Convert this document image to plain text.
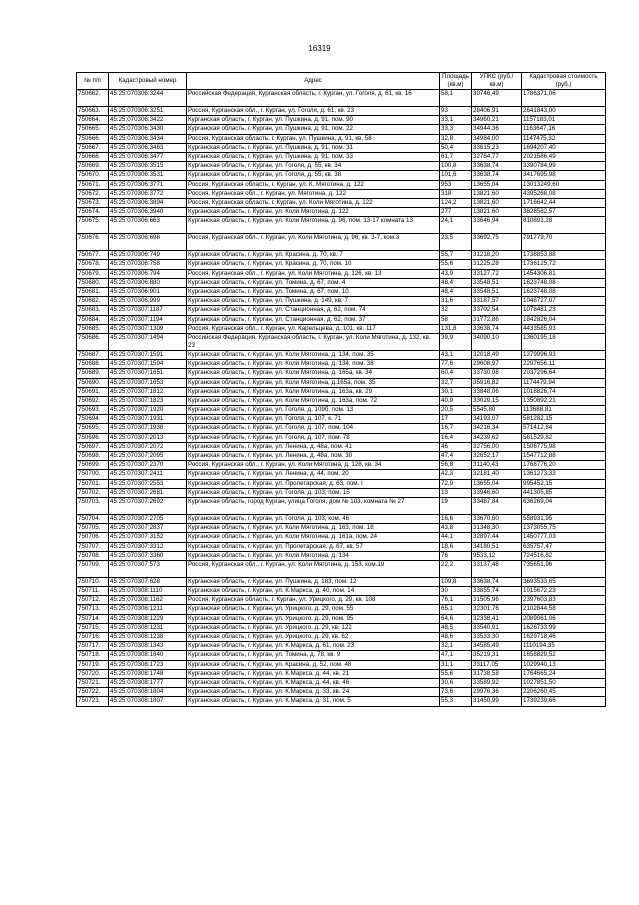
16319
№ п/п	Кадастровый номер	Адрес	Площадь (кв.м)	УПКС (руб./кв.м)	Кадастровая стоимость (руб.)
750662.	45:25:070306:3244	Российская Федерация, Курганская область, г. Курган, ул. Гоголя, д. 61, кв. 16	58,1	30746,49	1786371,06
750663.	45:25:070306:3251	Россия, Курганская обл., г. Курган, ул. Гоголя, д. 61, кв. 23	93	28406,91	2641843,00
750664.	45:25:070306:3422	Курганская область, г. Курган, ул. Пушкина, д. 91, пом. 90	33,1	34960,21	1157183,01
750665.	45:25:070306:3430	Курганская область, г. Курган, ул. Пушкина, д. 91, пом. 22	33,3	34944,36	1163647,16
750666.	45:25:070306:3434	Россия, Курганская область, г. Курган, ул. Пушкина, д. 91, кв. 58	32,8	34984,00	1147475,32
750667.	45:25:070306:3463	Курганская область, г. Курган, ул. Пушкина, д. 91, пом. 31	50,4	33615,23	1694207,40
750668.	45:25:070306:3477	Курганская область, г. Курган, ул. Пушкина, д. 91, пом. 33	61,7	32764,77	2021586,49
750669.	45:25:070306:3515	Курганская область, г. Курган, ул. Гоголя, д. 55, кв. 34	100,8	33638,74	3390784,99
750670.	45:25:070306:3531	Курганская область, г. Курган, ул. Гоголя, д. 55, кв. 38	101,6	33638,74	3417695,98
750671.	45:25:070306:3771	Россия, Курганская область, г. Курган, ул. К. Мяготина, д. 122	953	13655,04	13013249,60
750672.	45:25:070306:3772	Россия, Курганская обл., г. Курган, ул. Мяготина, д. 122	318	13821,60	4395268,08
750673.	45:25:070306:3894	Россия, Курганская область, г. Курган, ул. Коли Мяготина, д. 122	124,2	13821,60	1716642,44
750674.	45:25:070306:3940	Курганская область, г. Курган, ул. Коли Мяготина, д. 122	277	13821,60	3828582,57
750675.	45:25:070306:663	Курганская область, г. Курган, ул. Коли Мяготина, д. 96, пом. 13-17 комната 13	24,1	33646,94	810891,28
750676.	45:25:070306:698	Россия, Курганская обл., г. Курган, ул. Коли Мяготина, д. 96, кв. 3-7, ком.3	23,5	33692,75	791779,70
750677.	45:25:070306:749	Курганская область, г. Курган, ул. Красина, д. 70, кв. 7	55,7	31218,20	1738853,88
750678.	45:25:070306:758	Курганская область, г. Курган, ул. Красина, д. 70, пом. 10	55,6	31225,28	1736125,72
750679.	45:25:070306:794	Россия, Курганская обл., г. Курган, ул. Коли Мяготина, д. 126, кв. 13	43,9	33127,72	1454306,81
750680.	45:25:070306:880	Курганская область, г. Курган, ул. Томина, д. 67, пом. 4	48,4	33548,51	1623748,08
750681.	45:25:070306:901	Курганская область, г. Курган, ул. Томина, д. 67, пом. 10	48,4	33548,51	1623748,08
750682.	45:25:070306:999	Курганская область, г. Курган, ул. Пушкина, д. 149, кв. 7	31,6	33187,57	1048727,07
750683.	45:25:070307:1187	Курганская область, г. Курган, ул. Станционная, д. 62, пом. 74	32	33702,54	1078481,23
750684.	45:25:070307:1194	Курганская область, г. Курган, ул. Станционная, д. 62, пом. 37	58	31772,86	1842826,04
750685.	45:25:070307:1309	Россия, Курганская обл., г. Курган, ул. Карельцева, д. 101, кв. 117	131,8	33638,74	4433585,93
750686.	45:25:070307:1494	Российская Федерация, Курганская область, г. Курган, ул. Коли Мяготина, д. 132, кв. 23	39,9	34090,10	1360195,18
750687.	45:25:070307:1591	Курганская область, г. Курган, ул. Коли Мяготина, д. 134, пом. 35	43,1	32018,49	1379996,93
750688.	45:25:070307:1594	Курганская область, г. Курган, ул. Коли Мяготина, д. 134, пом. 38	77,6	29608,97	2297656,11
750689.	45:25:070307:1651	Курганская область, г. Курган, ул. Коли Мяготина, д. 165а, кв. 34	60,4	33730,08	2037296,64
750690.	45:25:070307:1653	Курганская область, г. Курган, ул. Коли Мяготина, д.165а, пом. 35	32,7	35916,82	1174479,94
750691.	45:25:070307:1812	Курганская область, г. Курган, ул. Коли Мяготина, д. 163а, кв. 29	30,1	33848,06	1018826,74
750692.	45:25:070307:1823	Курганская область, г. Курган, ул. Коли Мяготина, д. 163а, пом. 72	40,9	33029,15	1350892,21
750693.	45:25:070307:1920	Курганская область, г. Курган, ул. Гоголя, д. 109б, пом. 13	20,5	5545,80	113688,81
750694.	45:25:070307:1931	Курганская область, г. Курган, ул. Гоголя, д. 107, к. 71	17	34193,07	581282,15
750695.	45:25:070307:1938	Курганская область, г. Курган, ул. Гоголя, д. 107, пом. 104	16,7	34216,34	571412,84
750696.	45:25:070307:2013	Курганская область, г. Курган, ул. Гоголя, д. 107, пом. 78	16,4	34239,62	561529,82
750697.	45:25:070307:2072	Курганская область, г. Курган, ул. Ленина, д. 48а, пом. 41	46	32756,00	1506775,98
750698.	45:25:070307:2095	Курганская область, г. Курган, ул. Ленина, д. 48а, пом. 30	47,4	32652,17	1547712,88
750699.	45:25:070307:2370	Россия, Курганская обл., г. Курган, ул. Коли Мяготина, д. 128, кв. 34	56,8	31140,43	1768776,20
750700.	45:25:070307:2411	Курганская область, г. Курган, ул. Ленина, д. 44, пом. 20	42,3	32181,40	1361273,33
750701.	45:25:070307:2553	Курганская область, г. Курган, ул. Пролетарская, д. 63, пом. I	72,9	13655,04	995452,15
750702.	45:25:070307:2681	Курганская область, г. Курган, ул. Гоголя, д. 103, пом. 15	13	33946,60	441305,85
750703.	45:25:070307:2692	Курганская область, город Курган, улица Гоголя, дом № 103, комната № 27	19	33487,84	636269,04
750704.	45:25:070307:2705	Курганская область, г. Курган, ул. Гоголя, д. 103, ком. 46	16,6	33670,60	558931,95
750705.	45:25:070307:2837	Курганская область, г. Курган, ул. Коли Мяготина, д. 163, пом. 18	43,8	31348,30	1373055,75
750706.	45:25:070307:3152	Курганская область, г. Курган, ул. Коли Мяготина, д. 161а, пом. 24	44,1	32897,44	1450777,03
750707.	45:25:070307:3312	Курганская область, г. Курган, ул. Пролетарская, д. 67, кв. 57	18,6	34180,51	635757,47
750708.	45:25:070307:3360	Курганская область, г. Курган, ул. Коли Мяготина, д. 134	76	9533,12	724516,82
750709.	45:25:070307:573	Россия, Курганская обл., г. Курган, ул. Коли Мяготина, д. 153, ком.19	22,2	33137,48	735651,96
750710.	45:25:070307:628	Курганская область, г. Курган, ул. Пушкина, д. 183, пом. 12	109,8	33638,74	3693533,65
750711.	45:25:070308:1110	Курганская область, г. Курган, ул. К.Маркса, д. 40, пом. 14	30	33855,74	1015672,23
750712.	45:25:070308:1162	Россия, Курганская область, г. Курган, ул. Урицкого, д. 29, кв. 108	76,1	31505,96	2397603,83
750713.	45:25:070308:1211	Курганская область, г. Курган, ул. Урицкого, д. 29, пом. 55	65,1	32301,76	2102844,58
750714.	45:25:070308:1229	Курганская область, г. Курган, ул. Урицкого, д. 29, пом. 95	64,6	32338,41	2089061,06
750715.	45:25:070308:1231	Курганская область, г. Курган, ул. Урицкого, д. 29, кв. 122	48,5	33540,91	1626733,99
750716.	45:25:070308:1238	Курганская область, г. Курган, ул. Урицкого, д. 29, кв. 62	48,6	33533,30	1629718,46
750717.	45:25:070308:1343	Курганская область, г. Курган, ул. К.Маркса, д. 61, пом. 23	32,1	34585,49	1110194,35
750718.	45:25:070308:1640	Курганская область, г. Курган, ул. Томина, д. 78, кв. 9	47,1	35219,31	1658829,52
750719.	45:25:070308:1723	Курганская область, г. Курган, ул. Красина, д. 52, пом. 48	31,1	33117,05	1029940,13
750720.	45:25:070308:1748	Курганская область, г. Курган, ул. К.Маркса, д. 44, кв. 21	55,6	31738,58	1764665,24
750721.	45:25:070308:1777	Курганская область, г. Курган, ул. К.Маркса, д. 44, кв. 46	30,6	33589,92	1027851,50
750722.	45:25:070308:1804	Курганская область, г. Курган, ул. К.Маркса, д. 33, кв. 24	73,6	29976,36	2206260,45
750723.	45:25:070308:1807	Курганская область, г. Курган, ул. К.Маркса, д. 31, пом. 5	55,3	31450,99	1739239,66
